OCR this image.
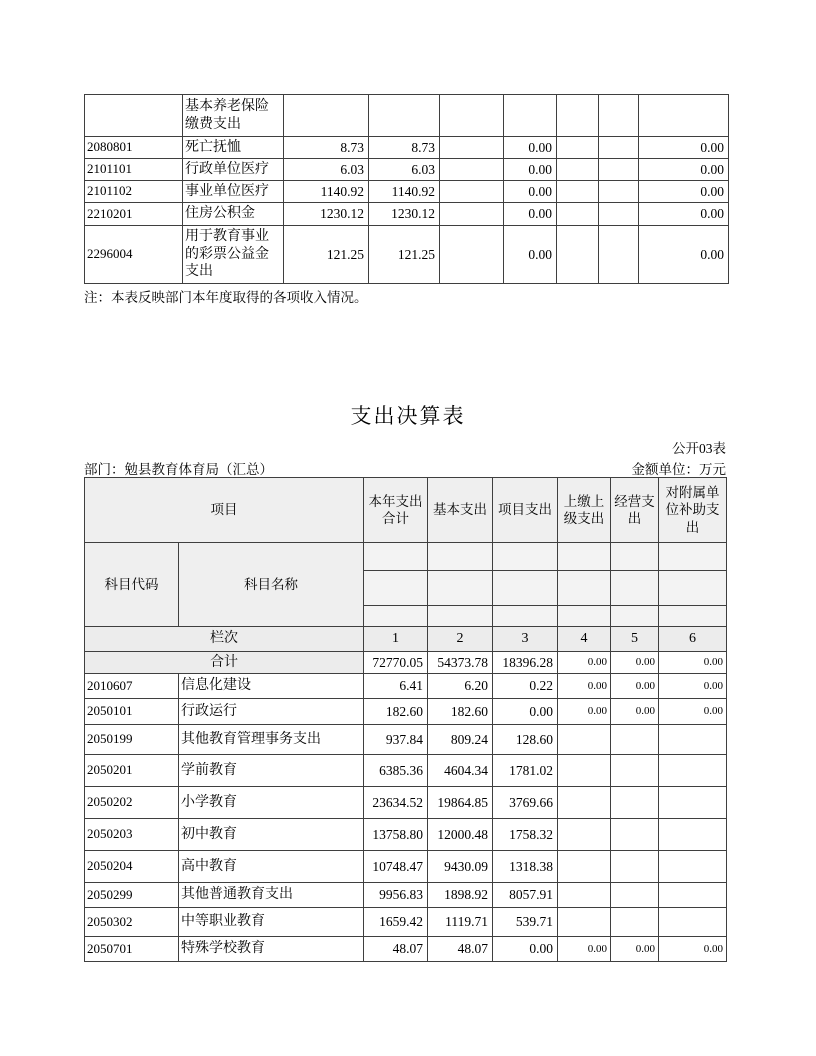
	基本养老保险缴费支出							
2080801	死亡抚恤	8.73	8.73		0.00			0.00
2101101	行政单位医疗	6.03	6.03		0.00			0.00
2101102	事业单位医疗	1140.92	1140.92		0.00			0.00
2210201	住房公积金	1230.12	1230.12		0.00			0.00
2296004	用于教育事业的彩票公益金支出	121.25	121.25		0.00			0.00
注：本表反映部门本年度取得的各项收入情况。
支出决算表
公开03表
部门：勉县教育体育局（汇总）	金额单位：万元
项目		本年支出合计	基本支出	项目支出	上缴上级支出	经营支出	对附属单位补助支出
科目代码	科目名称						

栏次		1	2	3	4	5	6
合计		72770.05	54373.78	18396.28	0.00	0.00	0.00
2010607	信息化建设	6.41	6.20	0.22	0.00	0.00	0.00
2050101	行政运行	182.60	182.60	0.00	0.00	0.00	0.00
2050199	其他教育管理事务支出	937.84	809.24	128.60			
2050201	学前教育	6385.36	4604.34	1781.02			
2050202	小学教育	23634.52	19864.85	3769.66			
2050203	初中教育	13758.80	12000.48	1758.32			
2050204	高中教育	10748.47	9430.09	1318.38			
2050299	其他普通教育支出	9956.83	1898.92	8057.91			
2050302	中等职业教育	1659.42	1119.71	539.71			
2050701	特殊学校教育	48.07	48.07	0.00	0.00	0.00	0.00
